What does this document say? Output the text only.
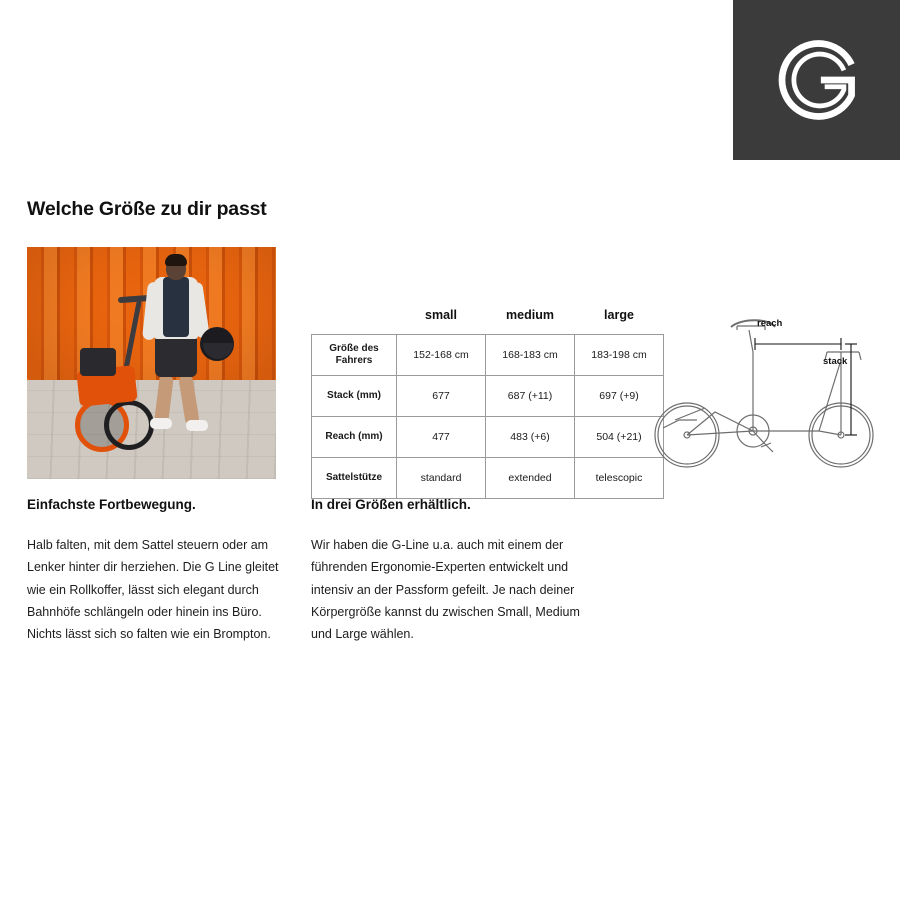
Welche Größe zu dir passt
	small	medium	large
Größe des Fahrers	152-168 cm	168-183 cm	183-198 cm
Stack (mm)	677	687 (+11)	697 (+9)
Reach (mm)	477	483 (+6)	504 (+21)
Sattelstütze	standard	extended	telescopic
reach
stack
Einfachste Fortbewegung.

Halb falten, mit dem Sattel steuern oder am Lenker hinter dir herziehen. Die G Line gleitet wie ein Rollkoffer, lässt sich elegant durch Bahnhöfe schlängeln oder hinein ins Büro. Nichts lässt sich so falten wie ein Brompton.

In drei Größen erhältlich.

Wir haben die G-Line u.a. auch mit einem der führenden Ergonomie-Experten entwickelt und intensiv an der Passform gefeilt. Je nach deiner Körpergröße kannst du zwischen Small, Medium und Large wählen.
